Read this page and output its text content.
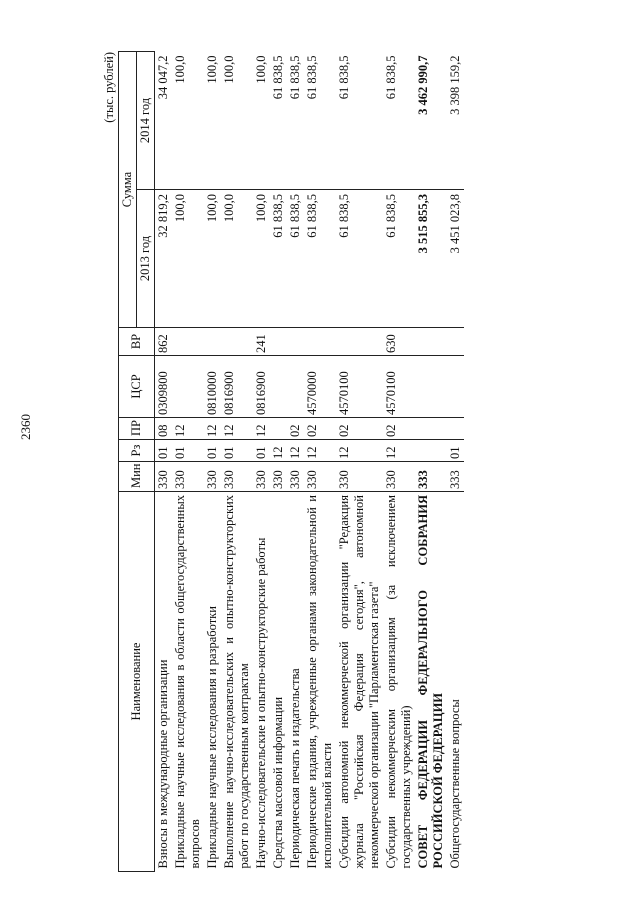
2360
(тыс. рублей)
Наименование	Мин	Рз	ПР	ЦСР	ВР	Сумма	
						2013 год	2014 год
Взносы в международные организации	330	01	08	0309800	862	32 819,2	34 047,2
Прикладные научные исследования в области общегосударственных вопросов	330	01	12			100,0	100,0
Прикладные научные исследования и разработки	330	01	12	0810000		100,0	100,0
Выполнение научно-исследовательских и опытно-конструкторских работ по государственным контрактам	330	01	12	0816900		100,0	100,0
Научно-исследовательские и опытно-конструкторские работы	330	01	12	0816900	241	100,0	100,0
Средства массовой информации	330	12				61 838,5	61 838,5
Периодическая печать и издательства	330	12	02			61 838,5	61 838,5
Периодические издания, учрежденные органами законодательной и исполнительной власти	330	12	02	4570000		61 838,5	61 838,5
Субсидии автономной некоммерческой организации "Редакция журнала "Российская Федерация сегодня", автономной некоммерческой организации "Парламентская газета"	330	12	02	4570100		61 838,5	61 838,5
Субсидии некоммерческим организациям (за исключением государственных учреждений)	330	12	02	4570100	630	61 838,5	61 838,5
СОВЕТ ФЕДЕРАЦИИ ФЕДЕРАЛЬНОГО СОБРАНИЯ РОССИЙСКОЙ ФЕДЕРАЦИИ	333					3 515 855,3	3 462 990,7
Общегосударственные вопросы	333	01				3 451 023,8	3 398 159,2
